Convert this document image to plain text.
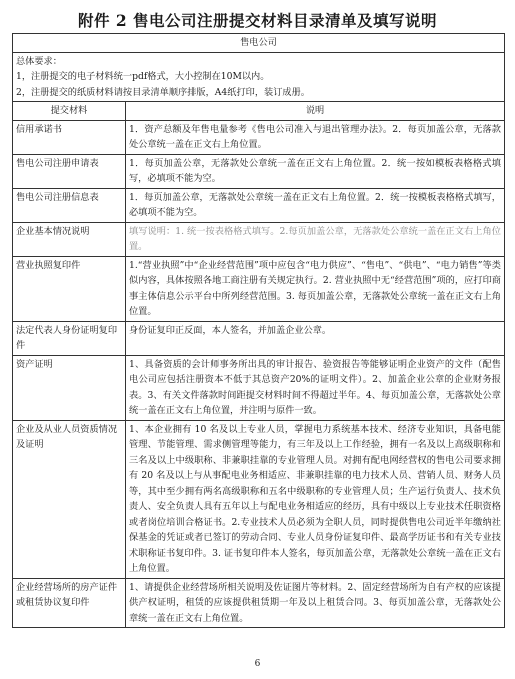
附件 2 售电公司注册提交材料目录清单及填写说明
售电公司	

总体要求：
1，注册提交的电子材料统一pdf格式，大小控制在10M以内。
2，注册提交的纸质材料请按目录清单顺序排版，A4纸打印，装订成册。	

提交材料	说明
信用承诺书	1．资产总额及年售电量参考《售电公司准入与退出管理办法》。2．每页加盖公章，无落款处公章统一盖在正文右上角位置。
售电公司注册申请表	1．每页加盖公章，无落款处公章统一盖在正文右上角位置。2．统一按如模板表格格式填写，必填项不能为空。
售电公司注册信息表	1．每页加盖公章，无落款处公章统一盖在正文右上角位置。2．统一按模板表格格式填写，必填项不能为空。
企业基本情况说明	填写说明：1. 统一按表格格式填写。2.每页加盖公章，无落款处公章统一盖在正文右上角位置。
营业执照复印件	1.“营业执照”中“企业经营范围”项中应包含“电力供应”、“售电”、“供电”、“电力销售”等类似内容，具体按照各地工商注册有关规定执行。2. 营业执照中无“经营范围”项的，应打印商事主体信息公示平台中所列经营范围。3. 每页加盖公章，无落款处公章统一盖在正文右上角位置。
法定代表人身份证明复印件	身份证复印正反面，本人签名，并加盖企业公章。
资产证明	1、具备资质的会计师事务所出具的审计报告、验资报告等能够证明企业资产的文件（配售电公司应包括注册资本不低于其总资产20%的证明文件）。2、加盖企业公章的企业财务报表。3、有关文件落款时间距提交材料时间不得超过半年。4、每页加盖公章，无落款处公章统一盖在正文右上角位置，并注明与原件一致。
企业及从业人员资质情况及证明	1、本企业拥有 10 名及以上专业人员，掌握电力系统基本技术、经济专业知识，具备电能管理、节能管理、需求侧管理等能力，有三年及以上工作经验，拥有一名及以上高级职称和三名及以上中级职称、非兼职挂靠的专业管理人员。对拥有配电网经营权的售电公司要求拥有 20 名及以上与从事配电业务相适应、非兼职挂靠的电力技术人员、营销人员、财务人员等，其中至少拥有两名高级职称和五名中级职称的专业管理人员；生产运行负责人、技术负责人、安全负责人具有五年以上与配电业务相适应的经历，具有中级以上专业技术任职资格或者岗位培训合格证书。2.专业技术人员必须为全职人员，同时提供售电公司近半年缴纳社保基金的凭证或者已签订的劳动合同、专业人员身份证复印件、最高学历证书和有关专业技术职称证书复印件。3. 证书复印件本人签名，每页加盖公章，无落款处公章统一盖在正文右上角位置。
企业经营场所的房产证件或租赁协议复印件	1、请提供企业经营场所相关说明及佐证图片等材料。2、固定经营场所为自有产权的应该提供产权证明，租赁的应该提供租赁期一年及以上租赁合同。3、每页加盖公章，无落款处公章统一盖在正文右上角位置。
6
